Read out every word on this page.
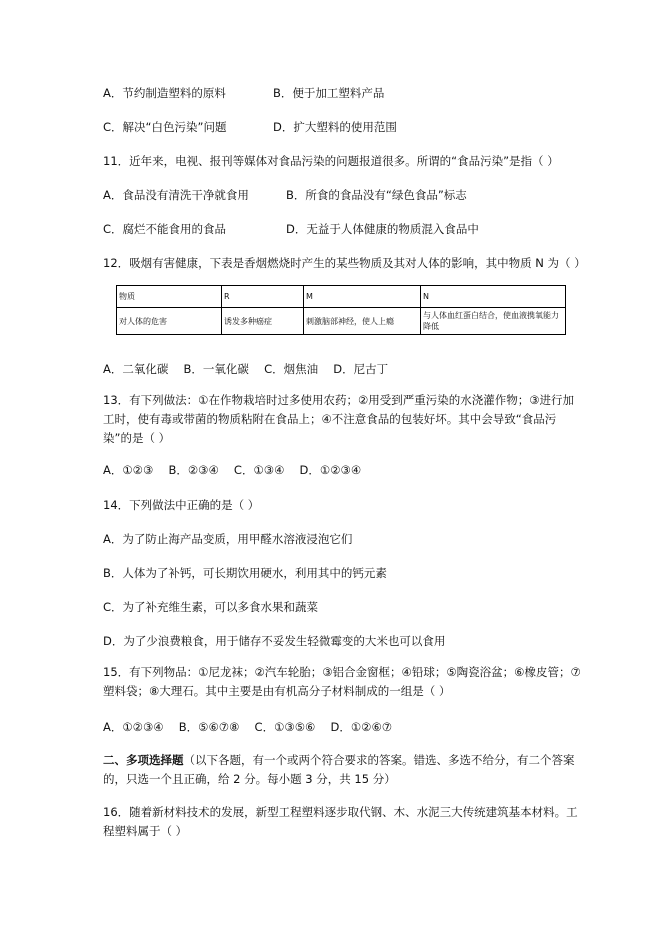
A．节约制造塑料的原料	B．便于加工塑料产品
C．解决“白色污染”问题	D．扩大塑料的使用范围
11．近年来，电视、报刊等媒体对食品污染的问题报道很多。所谓的“食品污染”是指（ ）
A．食品没有清洗干净就食用	B．所食的食品没有“绿色食品”标志
C．腐烂不能食用的食品	D．无益于人体健康的物质混入食品中
12．吸烟有害健康，下表是香烟燃烧时产生的某些物质及其对人体的影响，其中物质 N 为（ ）
物质	R	M	N
对人体的危害	诱发多种癌症	刺激脑部神经，使人上瘾	与人体血红蛋白结合，使血液携氧能力降低
A．二氧化碳　 B．一氧化碳　 C．烟焦油　 D．尼古丁
13．有下列做法：①在作物栽培时过多使用农药；②用受到严重污染的水浇灌作物；③进行加工时，使有毒或带菌的物质粘附在食品上；④不注意食品的包装好坏。其中会导致“食品污染”的是（ ）
A．①②③　 B．②③④　 C．①③④　 D．①②③④
14．下列做法中正确的是（ ）
A．为了防止海产品变质，用甲醛水溶液浸泡它们
B．人体为了补钙，可长期饮用硬水，利用其中的钙元素
C．为了补充维生素，可以多食水果和蔬菜
D．为了少浪费粮食，用于储存不妥发生轻微霉变的大米也可以食用
15．有下列物品：①尼龙袜；②汽车轮胎；③铝合金窗框；④铅球；⑤陶瓷浴盆；⑥橡皮管；⑦塑料袋；⑧大理石。其中主要是由有机高分子材料制成的一组是（ ）
A．①②③④　 B．⑤⑥⑦⑧　 C．①③⑤⑥　 D．①②⑥⑦
二、多项选择题（以下各题，有一个或两个符合要求的答案。错选、多选不给分，有二个答案的，只选一个且正确，给 2 分。每小题 3 分，共 15 分）
16．随着新材料技术的发展，新型工程塑料逐步取代钢、木、水泥三大传统建筑基本材料。工程塑料属于（ ）
